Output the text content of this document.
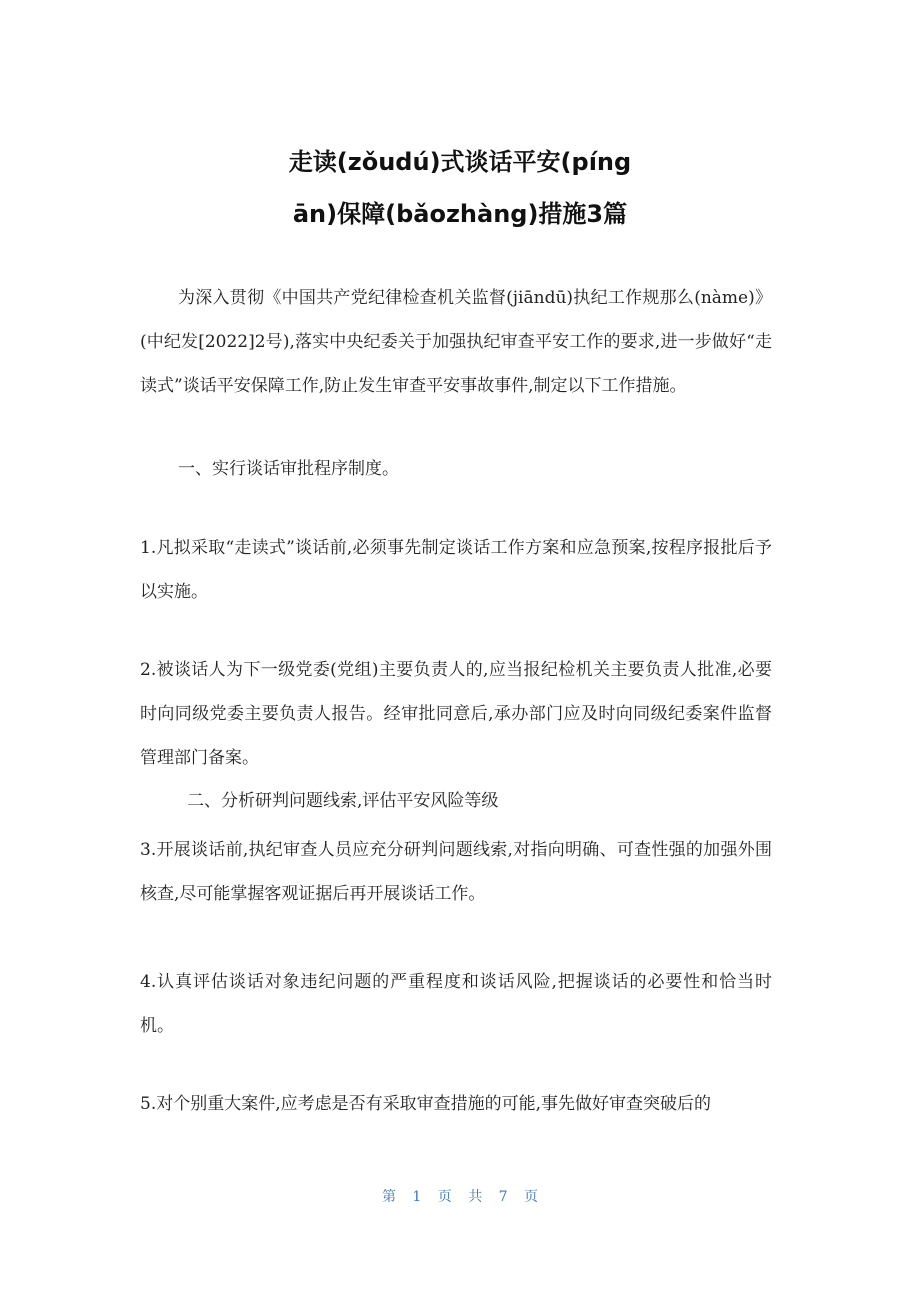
走读(zǒudú)式谈话平安(píng
ān)保障(bǎozhàng)措施3篇

为深入贯彻《中国共产党纪律检查机关监督(jiāndū)执纪工作规那么(nàme)》(中纪发[2022]2号),落实中央纪委关于加强执纪审查平安工作的要求,进一步做好“走读式”谈话平安保障工作,防止发生审查平安事故事件,制定以下工作措施。

一、实行谈话审批程序制度。

1.凡拟采取“走读式”谈话前,必须事先制定谈话工作方案和应急预案,按程序报批后予以实施。

2.被谈话人为下一级党委(党组)主要负责人的,应当报纪检机关主要负责人批准,必要时向同级党委主要负责人报告。经审批同意后,承办部门应及时向同级纪委案件监督管理部门备案。

二、分析研判问题线索,评估平安风险等级

3.开展谈话前,执纪审查人员应充分研判问题线索,对指向明确、可查性强的加强外围核查,尽可能掌握客观证据后再开展谈话工作。

4.认真评估谈话对象违纪问题的严重程度和谈话风险,把握谈话的必要性和恰当时机。

5.对个别重大案件,应考虑是否有采取审查措施的可能,事先做好审查突破后的

第 1 页 共 7 页
